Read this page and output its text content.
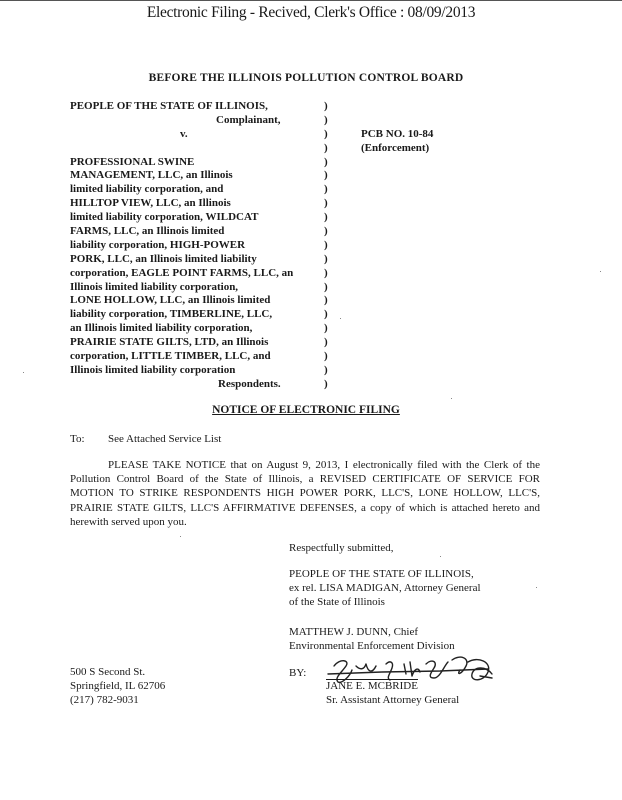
Electronic Filing - Recived, Clerk's Office : 08/09/2013
BEFORE THE ILLINOIS POLLUTION CONTROL BOARD
PEOPLE OF THE STATE OF ILLINOIS,
Complainant,
v.
PROFESSIONAL SWINE
MANAGEMENT, LLC, an Illinois
limited liability corporation, and
HILLTOP VIEW, LLC, an Illinois
limited liability corporation, WILDCAT
FARMS, LLC, an Illinois limited
liability corporation, HIGH-POWER
PORK, LLC, an Illinois limited liability
corporation, EAGLE POINT FARMS, LLC, an
Illinois limited liability corporation,
LONE HOLLOW, LLC, an Illinois limited
liability corporation, TIMBERLINE, LLC,
an Illinois limited liability corporation,
PRAIRIE STATE GILTS, LTD, an Illinois
corporation, LITTLE TIMBER, LLC, and
Illinois limited liability corporation
Respondents.
)
)
)
)
)
)
)
)
)
)
)
)
)
)
)
)
)
)
)
)
)
PCB NO. 10-84
(Enforcement)
NOTICE OF ELECTRONIC FILING
To: See Attached Service List
PLEASE TAKE NOTICE that on August 9, 2013, I electronically filed with the Clerk of the Pollution Control Board of the State of Illinois, a REVISED CERTIFICATE OF SERVICE FOR MOTION TO STRIKE RESPONDENTS HIGH POWER PORK, LLC'S, LONE HOLLOW, LLC'S, PRAIRIE STATE GILTS, LLC'S AFFIRMATIVE DEFENSES, a copy of which is attached hereto and herewith served upon you.
Respectfully submitted,
PEOPLE OF THE STATE OF ILLINOIS,
ex rel. LISA MADIGAN, Attorney General
of the State of Illinois
MATTHEW J. DUNN, Chief
Environmental Enforcement Division
500 S Second St.
Springfield, IL 62706
(217) 782-9031
BY:
JANE E. MCBRIDE
Sr. Assistant Attorney General
